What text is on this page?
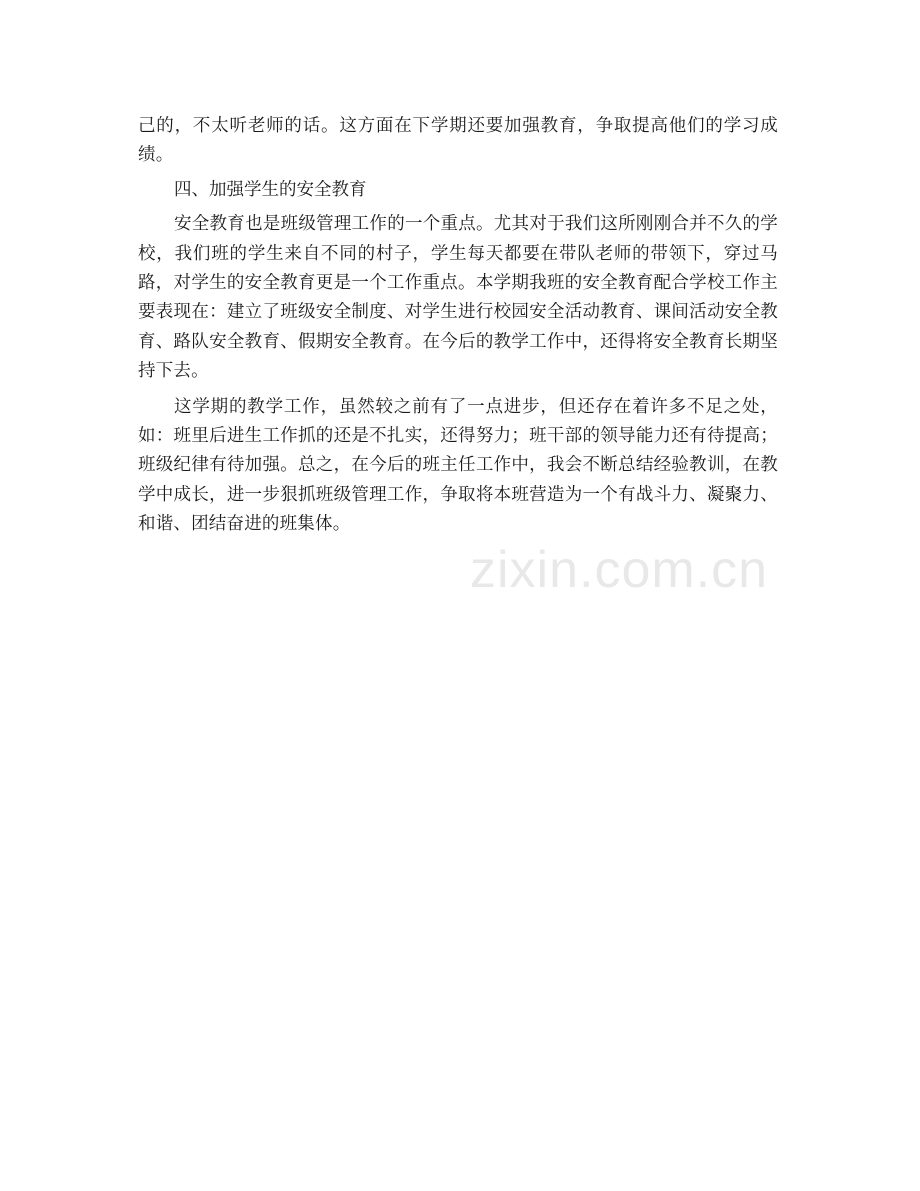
己的，不太听老师的话。这方面在下学期还要加强教育，争取提高他们的学习成绩。

四、加强学生的安全教育

安全教育也是班级管理工作的一个重点。尤其对于我们这所刚刚合并不久的学校，我们班的学生来自不同的村子，学生每天都要在带队老师的带领下，穿过马路，对学生的安全教育更是一个工作重点。本学期我班的安全教育配合学校工作主要表现在：建立了班级安全制度、对学生进行校园安全活动教育、课间活动安全教育、路队安全教育、假期安全教育。在今后的教学工作中，还得将安全教育长期坚持下去。

这学期的教学工作，虽然较之前有了一点进步，但还存在着许多不足之处，如：班里后进生工作抓的还是不扎实，还得努力；班干部的领导能力还有待提高；班级纪律有待加强。总之，在今后的班主任工作中，我会不断总结经验教训，在教学中成长，进一步狠抓班级管理工作，争取将本班营造为一个有战斗力、凝聚力、和谐、团结奋进的班集体。

zixin.com.cn
